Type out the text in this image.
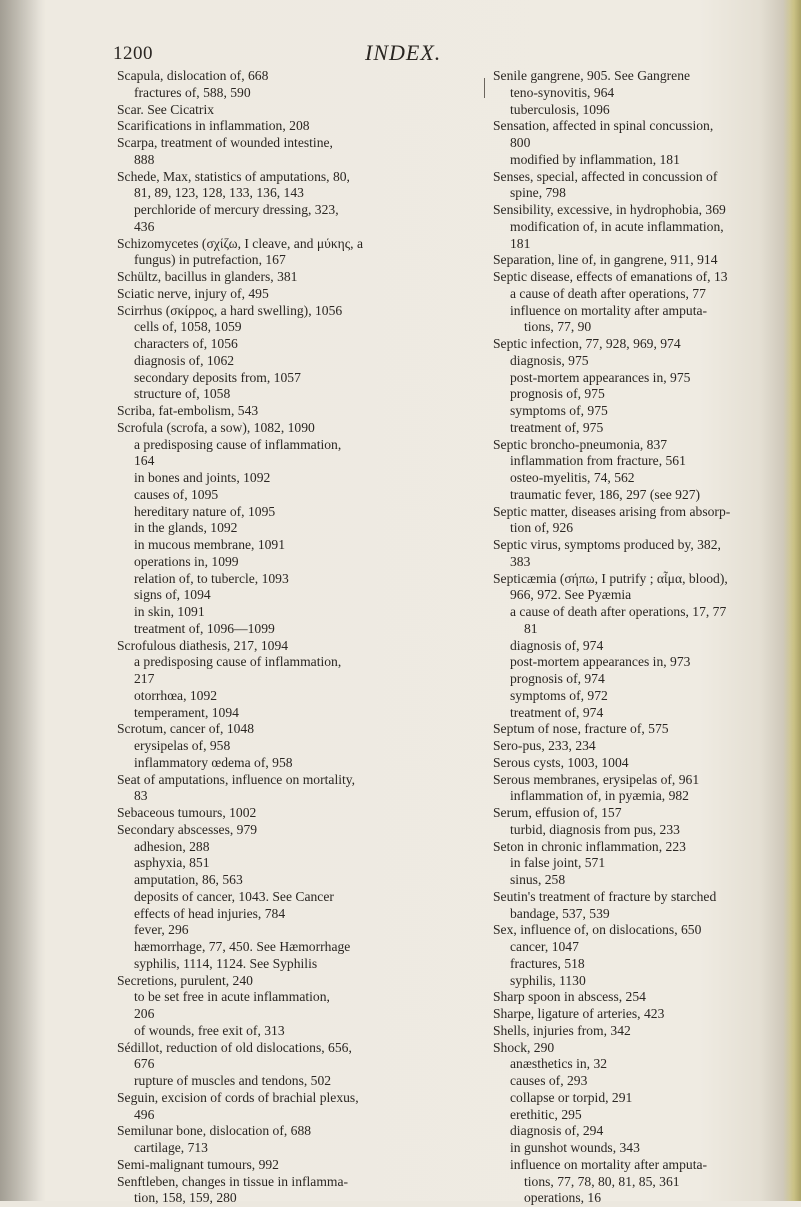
1200	INDEX.
Scapula, dislocation of, 668
fractures of, 588, 590
Scar. See Cicatrix
Scarifications in inflammation, 208
Scarpa, treatment of wounded intestine,
888
Schede, Max, statistics of amputations, 80,
81, 89, 123, 128, 133, 136, 143
perchloride of mercury dressing, 323,
436
Schizomycetes (σχίζω, I cleave, and μύκης, a
fungus) in putrefaction, 167
Schültz, bacillus in glanders, 381
Sciatic nerve, injury of, 495
Scirrhus (σκίρρος, a hard swelling), 1056
cells of, 1058, 1059
characters of, 1056
diagnosis of, 1062
secondary deposits from, 1057
structure of, 1058
Scriba, fat-embolism, 543
Scrofula (scrofa, a sow), 1082, 1090
a predisposing cause of inflammation,
164
in bones and joints, 1092
causes of, 1095
hereditary nature of, 1095
in the glands, 1092
in mucous membrane, 1091
operations in, 1099
relation of, to tubercle, 1093
signs of, 1094
in skin, 1091
treatment of, 1096—1099
Scrofulous diathesis, 217, 1094
a predisposing cause of inflammation,
217
otorrhœa, 1092
temperament, 1094
Scrotum, cancer of, 1048
erysipelas of, 958
inflammatory œdema of, 958
Seat of amputations, influence on mortality,
83
Sebaceous tumours, 1002
Secondary abscesses, 979
adhesion, 288
asphyxia, 851
amputation, 86, 563
deposits of cancer, 1043. See Cancer
effects of head injuries, 784
fever, 296
hæmorrhage, 77, 450. See Hæmorrhage
syphilis, 1114, 1124. See Syphilis
Secretions, purulent, 240
to be set free in acute inflammation,
206
of wounds, free exit of, 313
Sédillot, reduction of old dislocations, 656,
676
rupture of muscles and tendons, 502
Seguin, excision of cords of brachial plexus,
496
Semilunar bone, dislocation of, 688
cartilage, 713
Semi-malignant tumours, 992
Senftleben, changes in tissue in inflamma-
tion, 158, 159, 280
Senile gangrene, 905. See Gangrene
teno-synovitis, 964
tuberculosis, 1096
Sensation, affected in spinal concussion,
800
modified by inflammation, 181
Senses, special, affected in concussion of
spine, 798
Sensibility, excessive, in hydrophobia, 369
modification of, in acute inflammation,
181
Separation, line of, in gangrene, 911, 914
Septic disease, effects of emanations of, 13
a cause of death after operations, 77
influence on mortality after amputa-
tions, 77, 90
Septic infection, 77, 928, 969, 974
diagnosis, 975
post-mortem appearances in, 975
prognosis of, 975
symptoms of, 975
treatment of, 975
Septic broncho-pneumonia, 837
inflammation from fracture, 561
osteo-myelitis, 74, 562
traumatic fever, 186, 297 (see 927)
Septic matter, diseases arising from absorp-
tion of, 926
Septic virus, symptoms produced by, 382,
383
Septicæmia (σήπω, I putrify ; αἷμα, blood),
966, 972. See Pyæmia
a cause of death after operations, 17, 77
81
diagnosis of, 974
post-mortem appearances in, 973
prognosis of, 974
symptoms of, 972
treatment of, 974
Septum of nose, fracture of, 575
Sero-pus, 233, 234
Serous cysts, 1003, 1004
Serous membranes, erysipelas of, 961
inflammation of, in pyæmia, 982
Serum, effusion of, 157
turbid, diagnosis from pus, 233
Seton in chronic inflammation, 223
in false joint, 571
sinus, 258
Seutin's treatment of fracture by starched
bandage, 537, 539
Sex, influence of, on dislocations, 650
cancer, 1047
fractures, 518
syphilis, 1130
Sharp spoon in abscess, 254
Sharpe, ligature of arteries, 423
Shells, injuries from, 342
Shock, 290
anæsthetics in, 32
causes of, 293
collapse or torpid, 291
erethitic, 295
diagnosis of, 294
in gunshot wounds, 343
influence on mortality after amputa-
tions, 77, 78, 80, 81, 85, 361
operations, 16
